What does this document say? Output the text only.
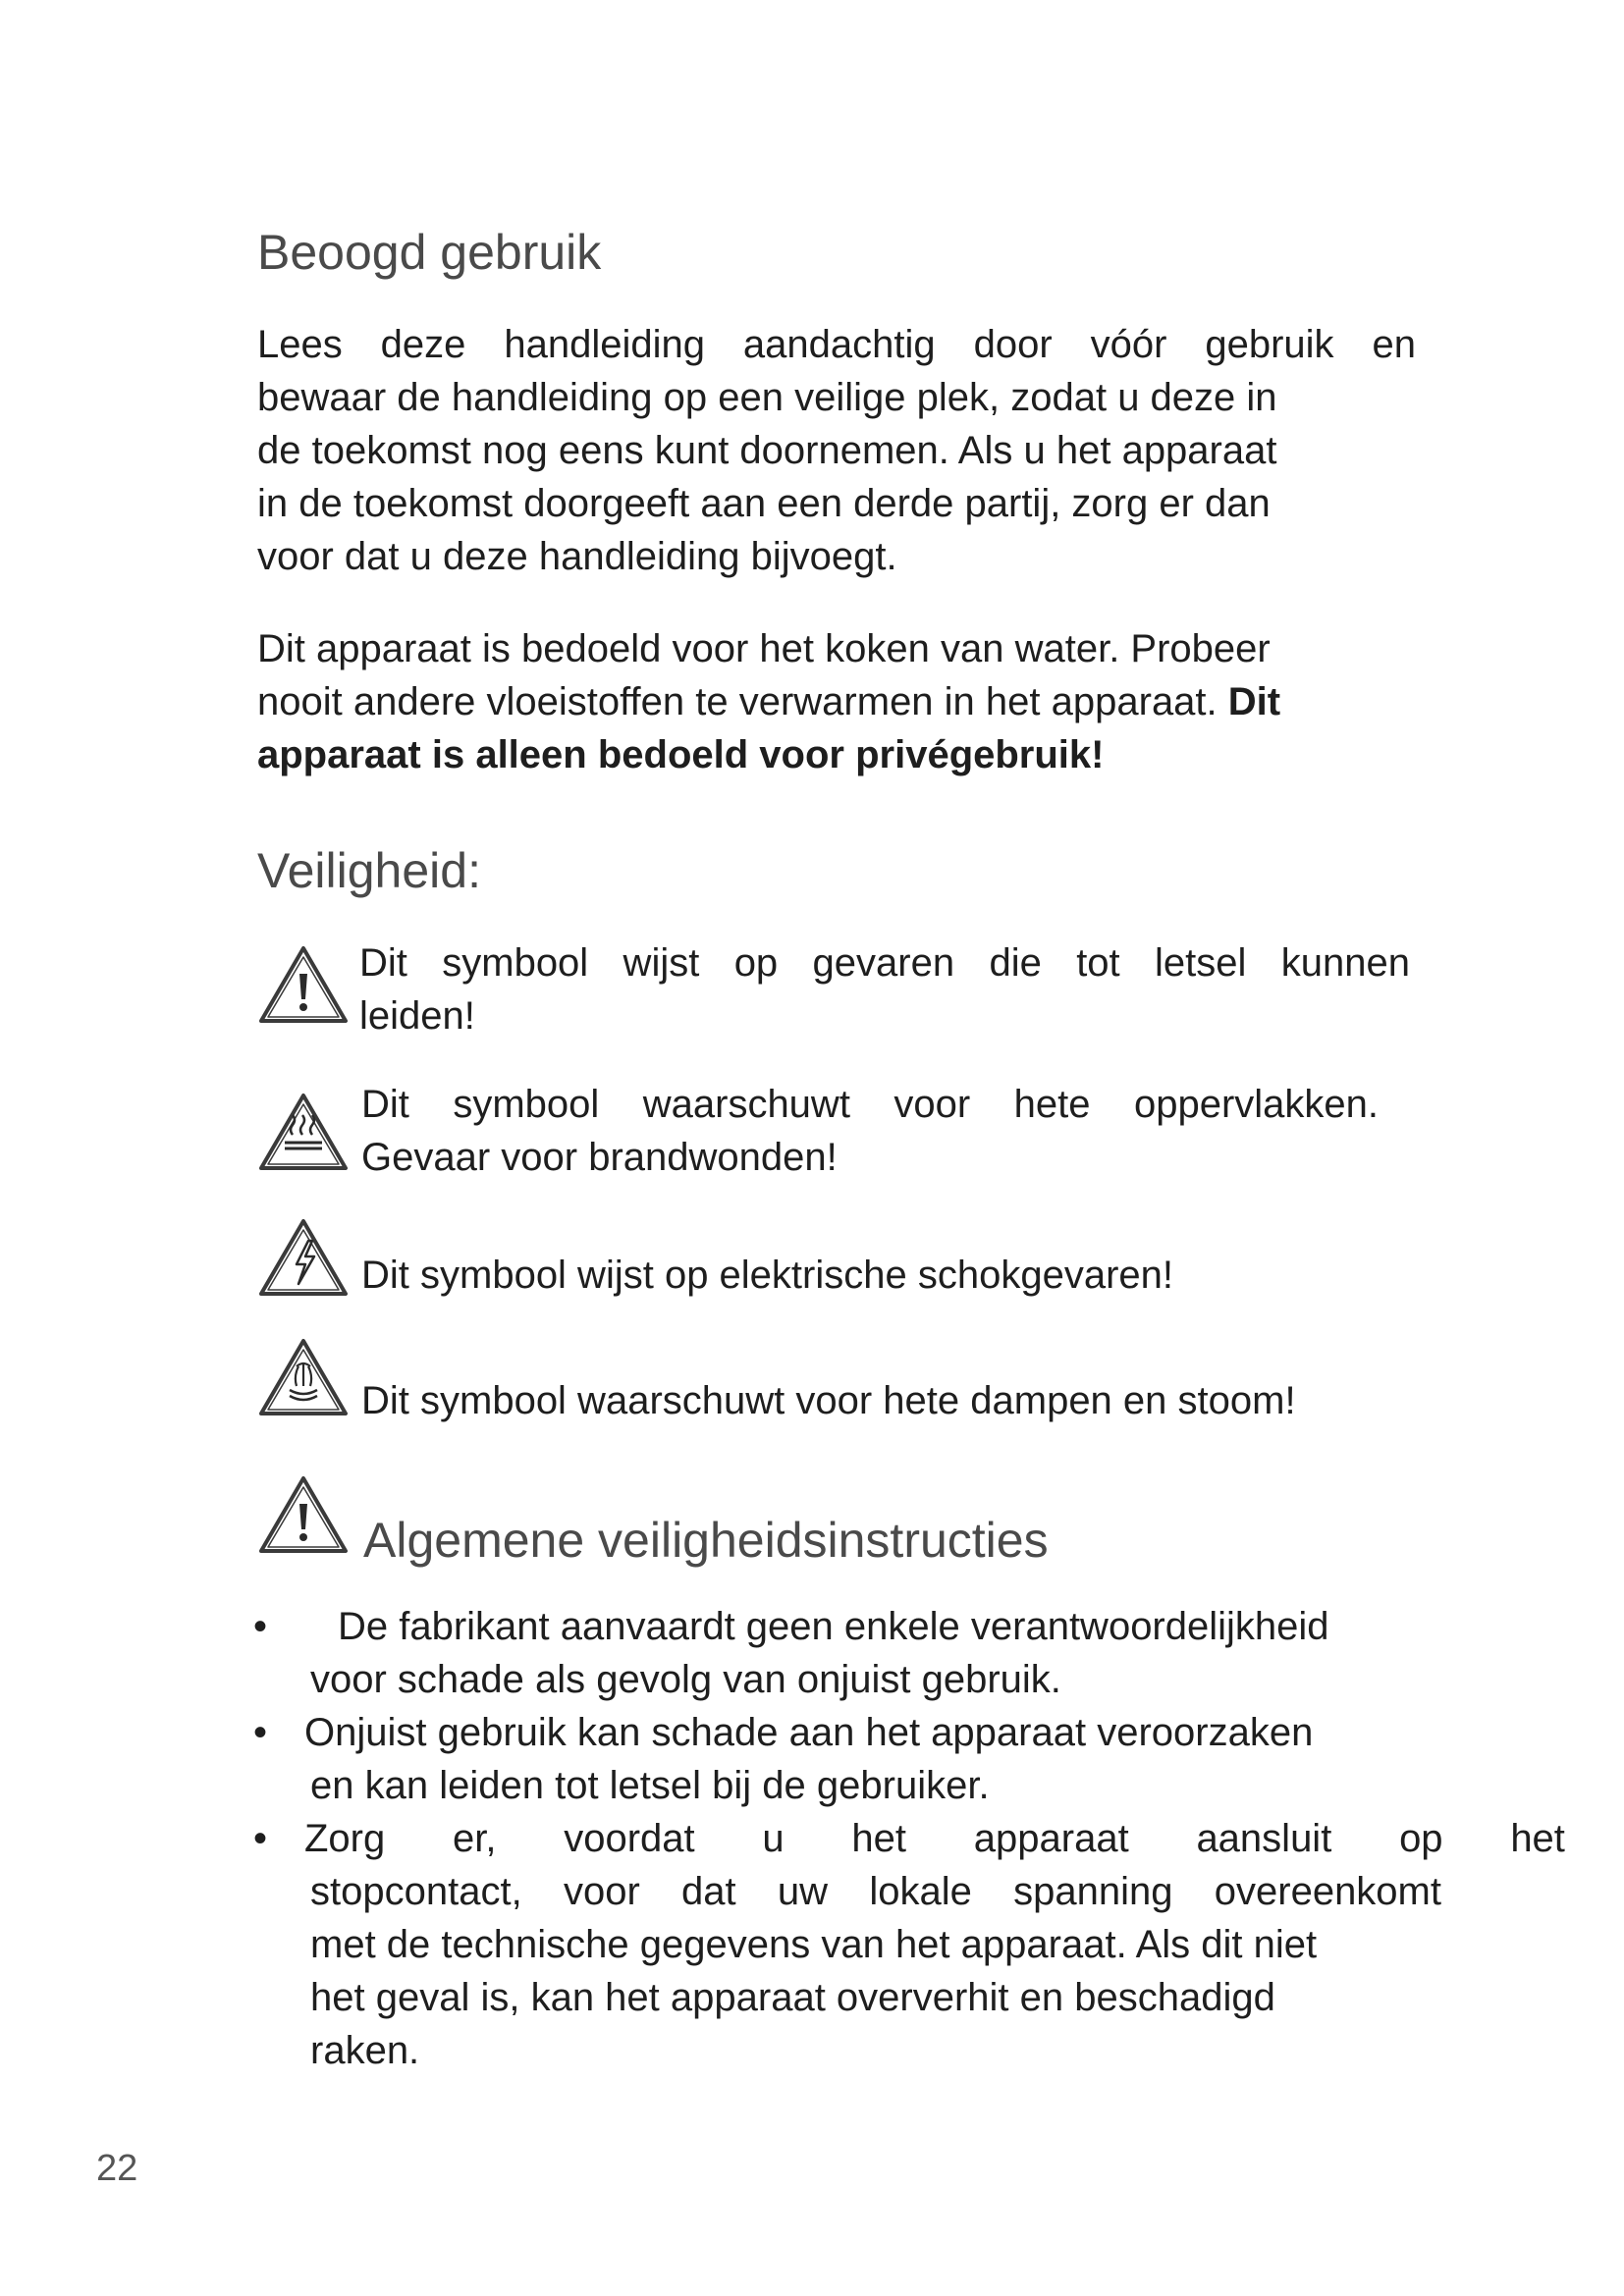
Beoogd gebruik
Lees deze handleiding aandachtig door vóór gebruik en
bewaar de handleiding op een veilige plek, zodat u deze in
de toekomst nog eens kunt doornemen. Als u het apparaat
in de toekomst doorgeeft aan een derde partij, zorg er dan
voor dat u deze handleiding bijvoegt.
Dit apparaat is bedoeld voor het koken van water. Probeer
nooit andere vloeistoffen te verwarmen in het apparaat. Dit
apparaat is alleen bedoeld voor privégebruik!
Veiligheid:
Dit symbool wijst op gevaren die tot letsel kunnen
leiden!
Dit symbool waarschuwt voor hete oppervlakken.
Gevaar voor brandwonden!
Dit symbool wijst op elektrische schokgevaren!
Dit symbool waarschuwt voor hete dampen en stoom!
Algemene veiligheidsinstructies
• De fabrikant aanvaardt geen enkele verantwoordelijkheid
voor schade als gevolg van onjuist gebruik.
• Onjuist gebruik kan schade aan het apparaat veroorzaken
en kan leiden tot letsel bij de gebruiker.
• Zorg er, voordat u het apparaat aansluit op het
stopcontact, voor dat uw lokale spanning overeenkomt
met de technische gegevens van het apparaat. Als dit niet
het geval is, kan het apparaat oververhit en beschadigd
raken.
22
